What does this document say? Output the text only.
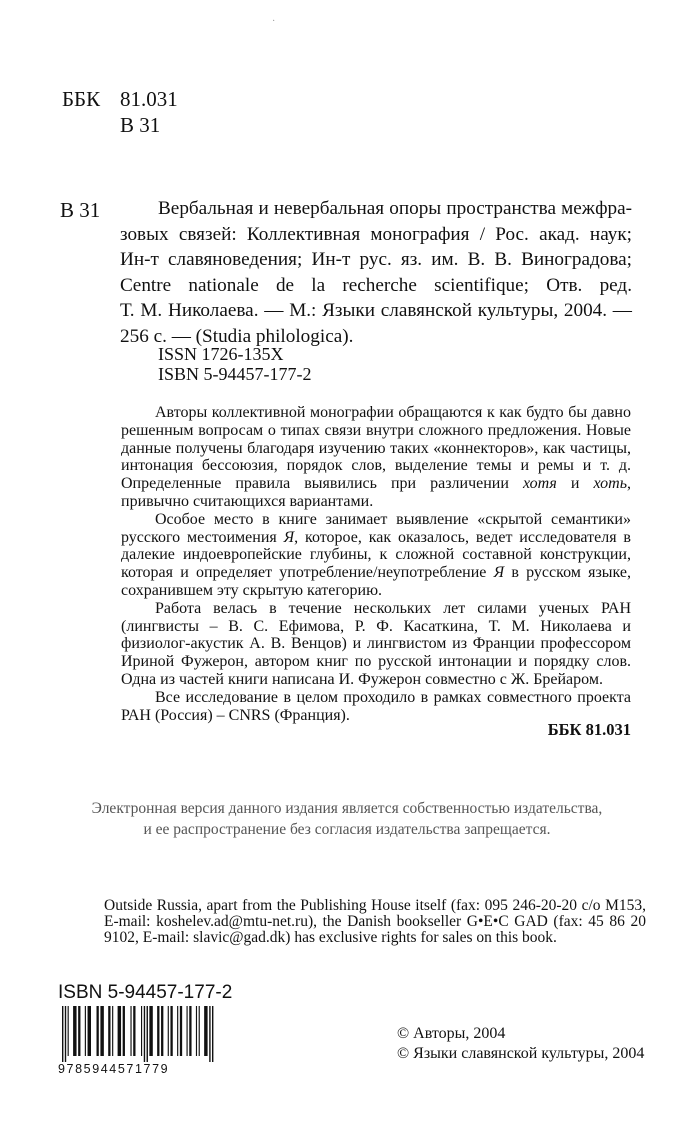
·
ББК 81.031
В 31
В 31	Вербальная и невербальная опоры пространства межфра-
зовых связей: Коллективная монография / Рос. акад. наук;
Ин-т славяноведения; Ин-т рус. яз. им. В. В. Виноградова;
Centre nationale de la recherche scientifique; Отв. ред.
Т. М. Николаева. — М.: Языки славянской культуры, 2004. —
256 с. — (Studia philologica).

ISSN 1726-135X
ISBN 5-94457-177-2

Авторы коллективной монографии обращаются к как будто бы давно решенным вопросам о типах связи внутри сложного предложения. Новые данные получены благодаря изучению таких «коннекторов», как частицы, интонация бессоюзия, порядок слов, выделение темы и ремы и т. д. Определенные правила выявились при различении хотя и хоть, привычно считающихся вариантами.

Особое место в книге занимает выявление «скрытой семантики» русского местоимения Я, которое, как оказалось, ведет исследователя в далекие индоевропейские глубины, к сложной составной конструкции, которая и определяет употребление/неупотребление Я в русском языке, сохранившем эту скрытую категорию.

Работа велась в течение нескольких лет силами ученых РАН (лингвисты – В. С. Ефимова, Р. Ф. Касаткина, Т. М. Николаева и физиолог-акустик А. В. Венцов) и лингвистом из Франции профессором Ириной Фужерон, автором книг по русской интонации и порядку слов. Одна из частей книги написана И. Фужерон совместно с Ж. Брейаром.

Все исследование в целом проходило в рамках совместного проекта РАН (Россия) – CNRS (Франция).

ББК 81.031
Электронная версия данного издания является собственностью издательства,
и ее распространение без согласия издательства запрещается.
Outside Russia, apart from the Publishing House itself (fax: 095 246-20-20 с/о М153, E-mail: koshelev.ad@mtu-net.ru), the Danish bookseller G•E•C GAD (fax: 45 86 20 9102, E-mail: slavic@gad.dk) has exclusive rights for sales on this book.
ISBN 5-94457-177-2
9785944571779
© Авторы, 2004
© Языки славянской культуры, 2004
